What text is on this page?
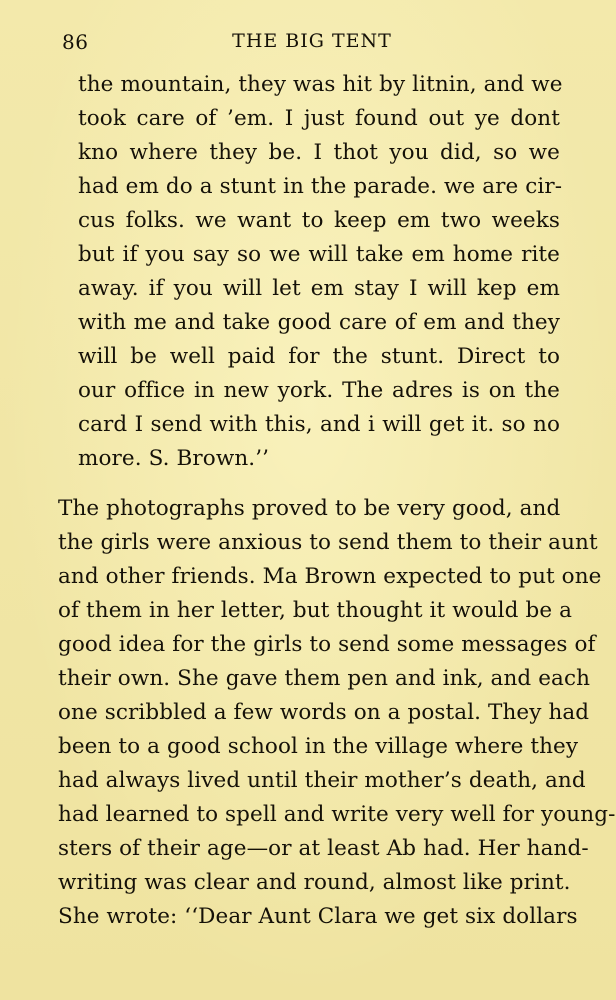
86	THE BIG TENT
the mountain, they was hit by litnin, and we
took care of ’em. I just found out ye dont
kno where they be. I thot you did, so we
had em do a stunt in the parade. we are cir-
cus folks. we want to keep em two weeks
but if you say so we will take em home rite
away. if you will let em stay I will kep em
with me and take good care of em and they
will be well paid for the stunt. Direct to
our office in new york. The adres is on the
card I send with this, and i will get it. so no
more. S. Brown.’’
The photographs proved to be very good, and
the girls were anxious to send them to their aunt
and other friends. Ma Brown expected to put one
of them in her letter, but thought it would be a
good idea for the girls to send some messages of
their own. She gave them pen and ink, and each
one scribbled a few words on a postal. They had
been to a good school in the village where they
had always lived until their mother’s death, and
had learned to spell and write very well for young-
sters of their age—or at least Ab had. Her hand-
writing was clear and round, almost like print.
She wrote: ‘‘Dear Aunt Clara we get six dollars
